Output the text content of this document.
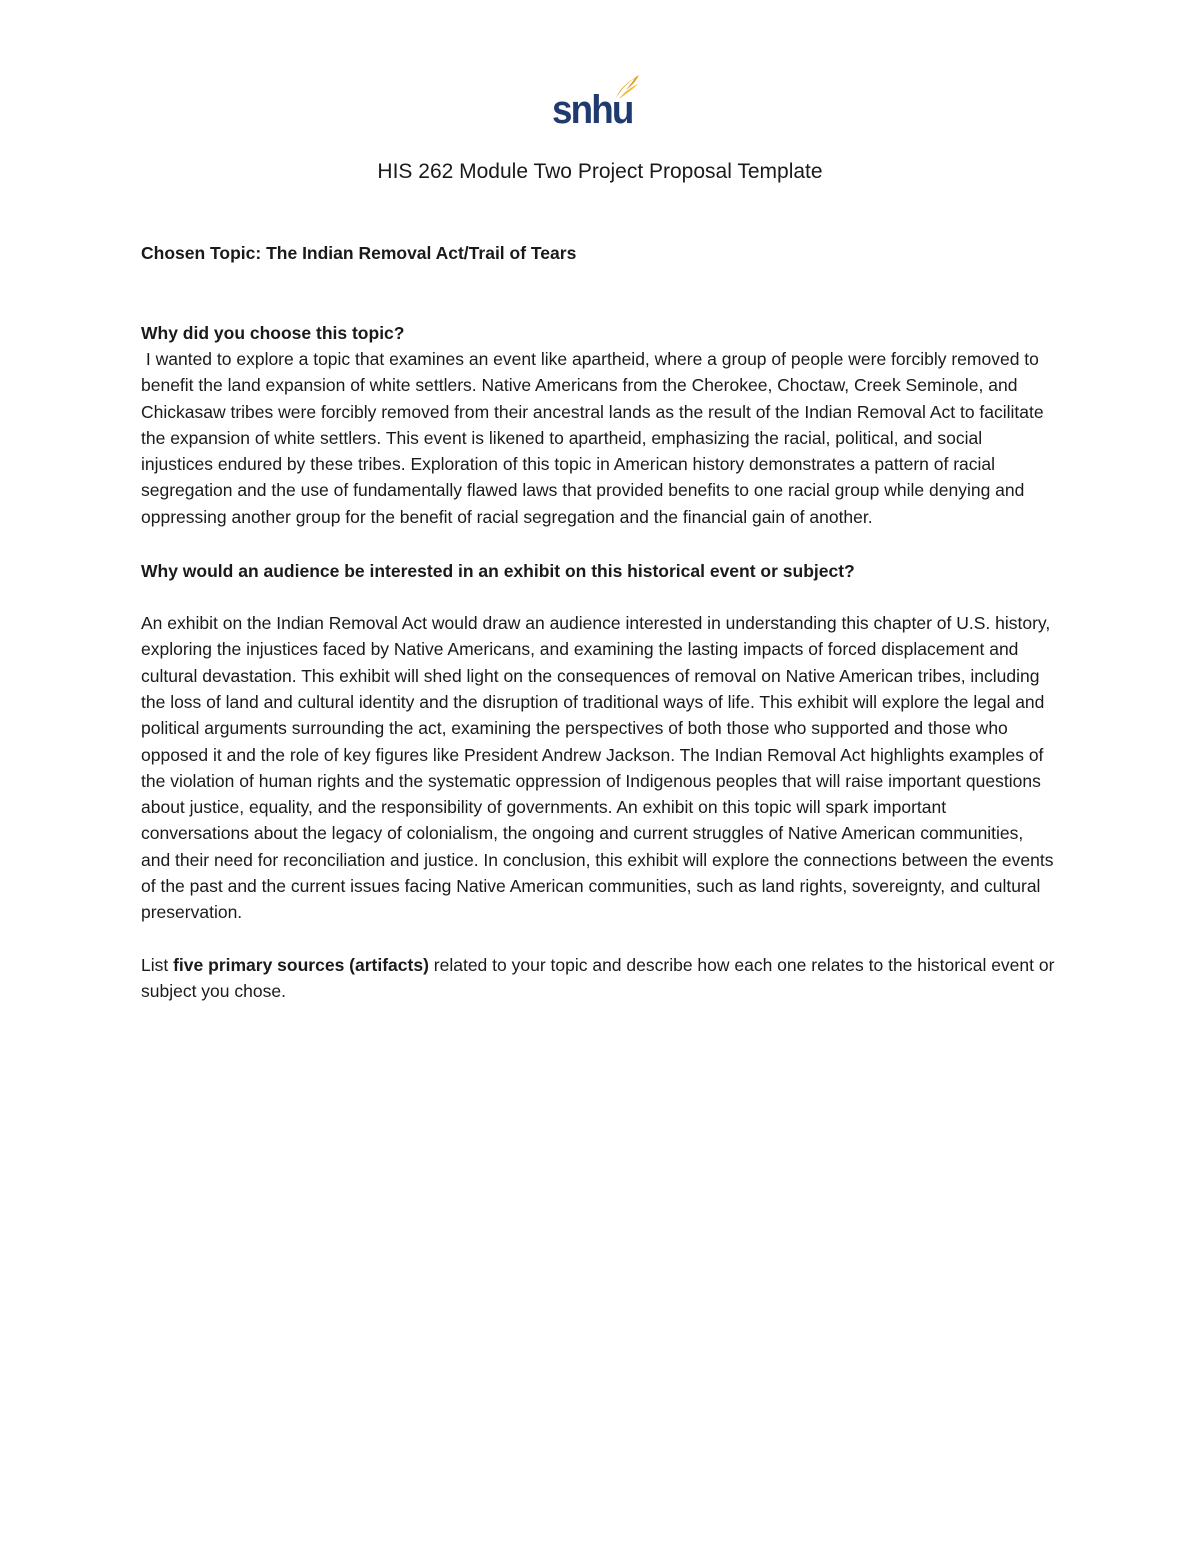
snhu
HIS 262 Module Two Project Proposal Template

Chosen Topic: The Indian Removal Act/Trail of Tears

Why did you choose this topic?

I wanted to explore a topic that examines an event like apartheid, where a group of people were forcibly removed to benefit the land expansion of white settlers. Native Americans from the Cherokee, Choctaw, Creek Seminole, and Chickasaw tribes were forcibly removed from their ancestral lands as the result of the Indian Removal Act to facilitate the expansion of white settlers. This event is likened to apartheid, emphasizing the racial, political, and social injustices endured by these tribes. Exploration of this topic in American history demonstrates a pattern of racial segregation and the use of fundamentally flawed laws that provided benefits to one racial group while denying and oppressing another group for the benefit of racial segregation and the financial gain of another.

Why would an audience be interested in an exhibit on this historical event or subject?

An exhibit on the Indian Removal Act would draw an audience interested in understanding this chapter of U.S. history, exploring the injustices faced by Native Americans, and examining the lasting impacts of forced displacement and cultural devastation. This exhibit will shed light on the consequences of removal on Native American tribes, including the loss of land and cultural identity and the disruption of traditional ways of life. This exhibit will explore the legal and political arguments surrounding the act, examining the perspectives of both those who supported and those who opposed it and the role of key figures like President Andrew Jackson. The Indian Removal Act highlights examples of the violation of human rights and the systematic oppression of Indigenous peoples that will raise important questions about justice, equality, and the responsibility of governments. An exhibit on this topic will spark important conversations about the legacy of colonialism, the ongoing and current struggles of Native American communities, and their need for reconciliation and justice. In conclusion, this exhibit will explore the connections between the events of the past and the current issues facing Native American communities, such as land rights, sovereignty, and cultural preservation.

List five primary sources (artifacts) related to your topic and describe how each one relates to the historical event or subject you chose.
